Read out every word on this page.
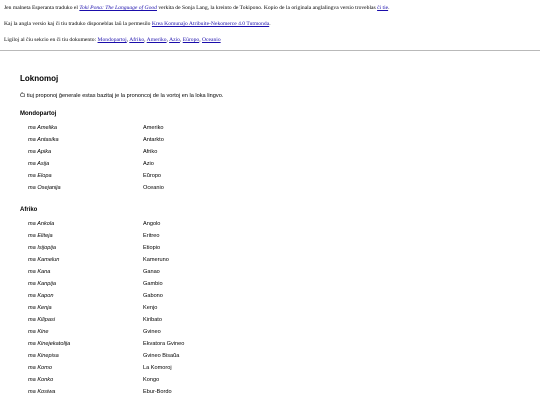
Jen malneta Esperanta traduko el Toki Pona: The Language of Good verkita de Sonja Lang, la kreinto de Tokipono. Kopio de la originala anglalingva versio troveblas ĉi tie.
Kaj la angla versio kaj ĉi tiu traduko disponeblas laŭ la permesilo Krea Komunaĵo Atribuite-Nekomerce 4.0 Tutmonda.
Ligiloj al ĉiu sekcio en ĉi tiu dokumento: Mondopartoj, Afriko, Ameriko, Azio, Eŭropo, Oceanio
Loknomoj
Ĉi tiuj proponoj ĝenerale estas bazitaj je la prononcoj de la vortoj en la loka lingvo.
Mondopartoj
ma Amelika	Ameriko
ma Antasika	Antarkto
ma Apika	Afriko
ma Asija	Azio
ma Elopa	Eŭropo
ma Osejanija	Oceanio
Afriko
ma Ankola	Angolo
ma Eliteja	Eritreo
ma Isijopija	Etiopio
ma Kamelun	Kameruno
ma Kana	Ganao
ma Kanpija	Gambio
ma Kapon	Gabono
ma Kenja	Kenjo
ma Kilipasi	Kiribato
ma Kine	Gvineo
ma Kinejekatolija	Ekvatora Gvineo
ma Kinepisa	Gvineo Bisaŭa
ma Komo	La Komoroj
ma Konko	Kongo
ma Kosiwa	Ebur-Bordo
